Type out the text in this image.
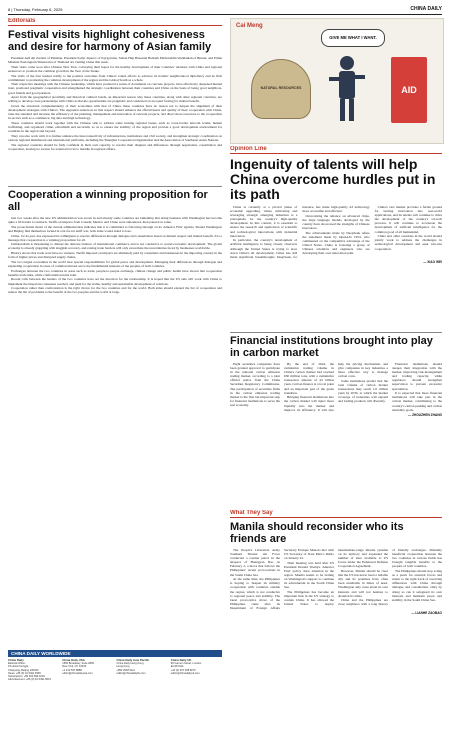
8 | Thursday, February 6, 2025	CHINA DAILY
Editorials
Festival visits highlight cohesiveness and desire for harmony of Asian family

President Asif Ali Zardari of Pakistan, President Sadyr Japarov of Kyrgyzstan, Sultan Haji Hassanal Bolkiah Mu'izzaddin Waddaulah of Brunei, and Prime Minister Paetongtarn Shinawatra of Thailand are visiting China this week.

Their visits come soon after Chinese New Year, conveying their hopes for the healthy development of their countries' relations with China and regional endeavors to promote the common growth in the Year of the Snake.

The visits of the four leaders testify to the positive outcomes from China's robust efforts to advance its holistic neighborhood diplomacy and its firm commitment to promoting the common development of the region and the Global South as a whole.

Their respective meetings with the Chinese leadership, which have produced a series of documents on concrete projects, have effectively deepened mutual trust, promoted pragmatic cooperation and strengthened the strategic coordination between their countries and China on the basis of being good neighbors, good friends and good partners.

Apart from the geographical proximity and historical cultural bonds, an important reason why these countries, along with other regional countries, are willing to develop close partnerships with China is that the opportunities are pragmatic and conducted on an equal footing for mutual benefit.

Given the structural complementarity of their economies with that of China, these countries have no reason not to deepen the alignment of their development strategies with China's. The upgraded endeavors in this respect should enhance the effectiveness and quality of their cooperation with China, raise the standard and increase the efficiency of the planning, management and innovation of relevant projects, and direct more resources to the cooperation in sectors such as e-commerce, big data and high technology.

These countries should work together with the Chinese side to address some lurking regional issues, such as cross-border telecom scams, human trafficking, and organized crime, extremism and terrorism, so as to ensure the stability of the region and provide a good development environment for countries in the region and beyond.

They can also work with it to further enhance the interconnectivity of infrastructure, institutions and civil society, and strengthen strategic coordination on various regional multilateral and international platforms, including the Shanghai Cooperation Organization and the Association of Southeast Asian Nations.

The regional countries should be fully confident in their own capacity to resolve their disputes and differences through negotiation, consultation and cooperation, leaving no excuse for external forces to meddle in regional affairs.

Cooperation a winning proposition for all

Just two weeks after the new US administration was sworn in and already some countries are lamenting that doing business with Washington has become quite a bit harder to stomach. Tariffs on imports from Canada, Mexico and China were announced, then paused on some.

The protectionist thrust of the current administration indicates that it is committed to following through on its 'America First' agenda. Should Washington and Beijing find themselves locked in a tit-for-tat tariff war, both sides would stand to lose.

China, for its part, has expressed its willingness to resolve differences through dialogue and consultation based on mutual respect and mutual benefit. It is a message that cooperation is a winning proposition for all.

Unilateralism is threatening to disrupt the delicate balance of international commerce and is not conducive to sound economic development. The global economy is already grappling with sluggish recovery, and raising trade barriers will only exacerbate the uncertainties faced by businesses worldwide.

History shows that trade wars have no winners. Tariffs imposed on imports are ultimately paid by consumers and businesses in the importing country in the form of higher prices and disrupted supply chains.

The two largest economies in the world bear special responsibilities for global peace and development. Managing their differences through dialogue and expanding cooperation in areas of common interest serve the fundamental interests of the peoples of both countries.

Exchanges between the two countries in areas such as trade, people-to-people exchange, climate change and public health have shown that cooperation benefits both sides, while confrontation hurts both.

Recent calls between the leaders of the two countries have set the direction for the relationship. It is hoped that the US side will work with China to implement the important consensus reached, and push for the stable, healthy and sustainable development of relations.

Cooperation rather than confrontation is the right choice for the two countries and for the world. Both sides should expand the list of cooperation and reduce the list of problems to the benefit of the two peoples and the world at large.

CHINA DAILY WORLDWIDE
China Daily
Editorial Office:
15 Huixin Dongjie,
Chaoyang, Beijing 100029
News: +86 (0) 10 6491 8366
Subscription: +86 400 699 0203
Advertisement: +86 (0) 10 6491 8631
China Daily USA
1500 Broadway, Suite 2800,
New York, NY 10036
+1 212 537 8888
editor@chinadailyusa.com
China Daily Asia Pacific
China Daily Hong Kong
Hong Kong
+852 2518 5111
editor@chinadailyhk.com
China Daily UK
90 Cannon Street, London,
EC4N 6HA
+44 (0) 207 398 8270
editor@chinadailyuk.com
Cai Meng
GIVE ME WHAT I WANT.
NATURAL RESOURCES	AID
Opinion Line
Ingenuity of talents will help China overcome hurdles put in its path

China is currently at a pivotal phase of economic upgrading, where cultivating and leveraging strategic emerging industries is a prerequisite for the country's high-quality development. In this context, it is essential to ensure the research and application of scientific and technological innovations with industrial innovation.

In particular, the country's development of artificial intelligence is being closely observed. Although the United States is trying to slow down China's AI development, China has still made significant breakthroughs. DeepSeek, for instance, has made high-quality AI technology more accessible and efficient.

Overcoming the reliance on advanced chips, the large language models developed by the country have showcased the strengths of Chinese innovators.

The achievements made by DeepSeek refute the statement made by OpenAI's CEO, who commented on the competitive advantage of the United States. China is fostering a group of Chinese scientists and engineers who are developing their own innovation path.

China's vast market provides a fertile ground for turning innovation into real-world applications, and its talents will continue to drive the development of the country's sci-tech prowess. It will continue to accelerate the development of artificial intelligence for the common good of all humankind.

China and other countries in the world should jointly work to address the challenges in technological development and seek win-win cooperation.

— XIAO WEI
Financial institutions brought into play in carbon market

Eight securities companies have been granted approval to participate in the national carbon emission trading market, according to a joint official notice from the China Securities Regulatory Commission. The participation of securities firms in the carbon emission trading market is the first but important step for financial institutions to serve the real economy.

By the end of 2024, the cumulative trading volume in China's carbon market had reached 630 million tons, with a cumulative transaction amount of 43 billion yuan. Carbon finance is a focal point and an important part of the green transition.

Bringing financial institutions into the carbon market will inject more liquidity into the market and improve its efficiency. It will also help the pricing mechanism, and give companies in key industries a more effective way to manage carbon costs.

Some institutions predict that the total volume of carbon market transactions may reach 1.6 trillion yuan by 2030, at which the market coverage of industries will expand and trading products will diversify.

Financial institutions should deepen their integration with the market, improving risk management and trading capacity, while regulators should strengthen supervision to prevent excessive speculation.

It is expected that more financial institutions will take part in the carbon market, contributing to the country's carbon peaking and carbon neutrality goals.

— ZHOUZHEN ZHANG
What They Say
Manila should reconsider who its friends are

The People's Liberation Army Southern Theater Air Force conducted a routine patrol in the airspace of Huangyan Dao on February 2, a move that follows the Philippines' recent provocations in the South China Sea.

At the same time, the Philippines is hoping to deepen its military cooperation with countries outside the region, which is not conducive to regional peace and stability. The latest provocative move of the Philippines came after its Department of Foreign Affairs Secretary Enrique Manalo met with US Secretary of State Marco Rubio on January 22.

Their meeting was held after US President Donald Trump's 'America First' policy drew attention in the region. Manila seems to be betting on Washington's support to continue its adventurism in the South China Sea.

The Philippines has become an important link in the US strategy to contain China. It has allowed the United States to deploy intermediate-range missile systems on its territory and expanded the number of sites available to US forces under the Enhanced Defense Cooperation Agreement.

However, Manila should be clear that the US has never been a reliable ally and its promises have often been unreliable in times of need. Washington only cares about its own interests and will not hesitate to abandon its allies.

China and the Philippines are close neighbors with a long history of friendly exchanges. Mutually beneficial cooperation between the two countries in various fields has brought tangible benefits to the peoples of both countries.

The Philippines should stop acting as a pawn for external forces and return to the right track of resolving differences with China through dialogue and consultation. Only by doing so can it safeguard its own interests and maintain peace and stability in the South China Sea.

— LIANHE ZAOBAO
